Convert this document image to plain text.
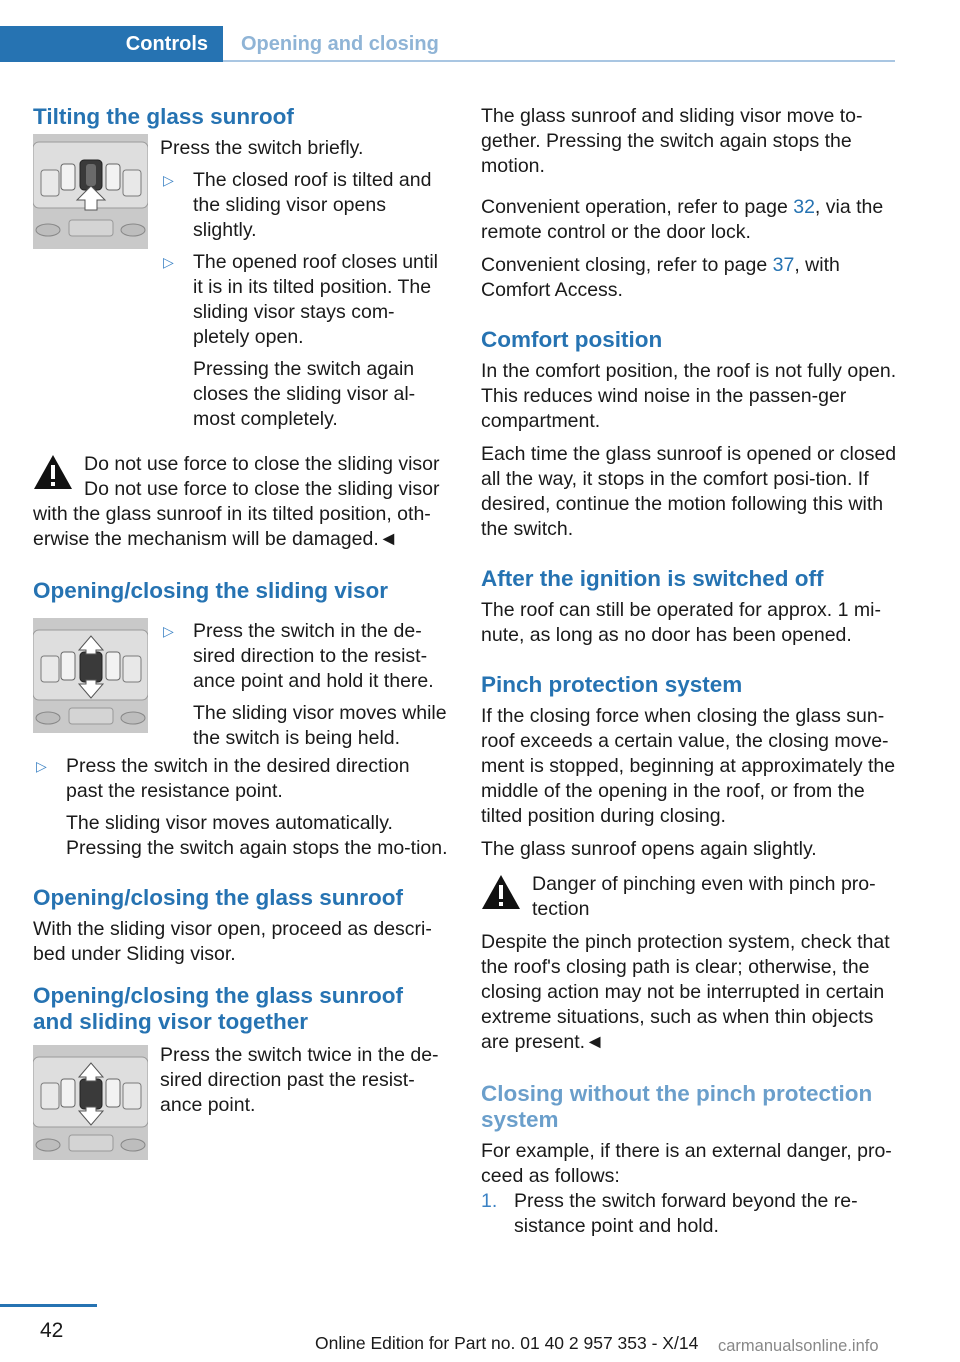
Controls	Opening and closing
Tilting the glass sunroof

Press the switch briefly.

▷ The closed roof is tilted and the sliding visor opens slightly.
▷ The opened roof closes until it is in its tilted position. The sliding visor stays com‐pletely open.

Pressing the switch again closes the sliding visor al‐most completely.

Do not use force to close the sliding visor

Do not use force to close the sliding visor with the glass sunroof in its tilted position, oth‐erwise the mechanism will be damaged.◄

Opening/closing the sliding visor
▷ Press the switch in the de‐sired direction to the resist‐ance point and hold it there.

The sliding visor moves while the switch is being held.

▷ Press the switch in the desired direction past the resistance point.

The sliding visor moves automatically. Pressing the switch again stops the mo‐tion.

Opening/closing the glass sunroof

With the sliding visor open, proceed as descri‐bed under Sliding visor.

Opening/closing the glass sunroof and sliding visor together

Press the switch twice in the de‐sired direction past the resist‐ance point.

The glass sunroof and sliding visor move to‐gether. Pressing the switch again stops the motion.

Convenient operation, refer to page 32, via the remote control or the door lock.

Convenient closing, refer to page 37, with Comfort Access.

Comfort position

In the comfort position, the roof is not fully open. This reduces wind noise in the passen‐ger compartment.

Each time the glass sunroof is opened or closed all the way, it stops in the comfort posi‐tion. If desired, continue the motion following this with the switch.

After the ignition is switched off

The roof can still be operated for approx. 1 mi‐nute, as long as no door has been opened.

Pinch protection system

If the closing force when closing the glass sun‐roof exceeds a certain value, the closing move‐ment is stopped, beginning at approximately the middle of the opening in the roof, or from the tilted position during closing.

The glass sunroof opens again slightly.

Danger of pinching even with pinch pro‐tection

Despite the pinch protection system, check that the roof's closing path is clear; otherwise, the closing action may not be interrupted in certain extreme situations, such as when thin objects are present.◄

Closing without the pinch protection system

For example, if there is an external danger, pro‐ceed as follows:

1. Press the switch forward beyond the re‐sistance point and hold.
42
Online Edition for Part no. 01 40 2 957 353 - X/14 carmanualsonline.info
